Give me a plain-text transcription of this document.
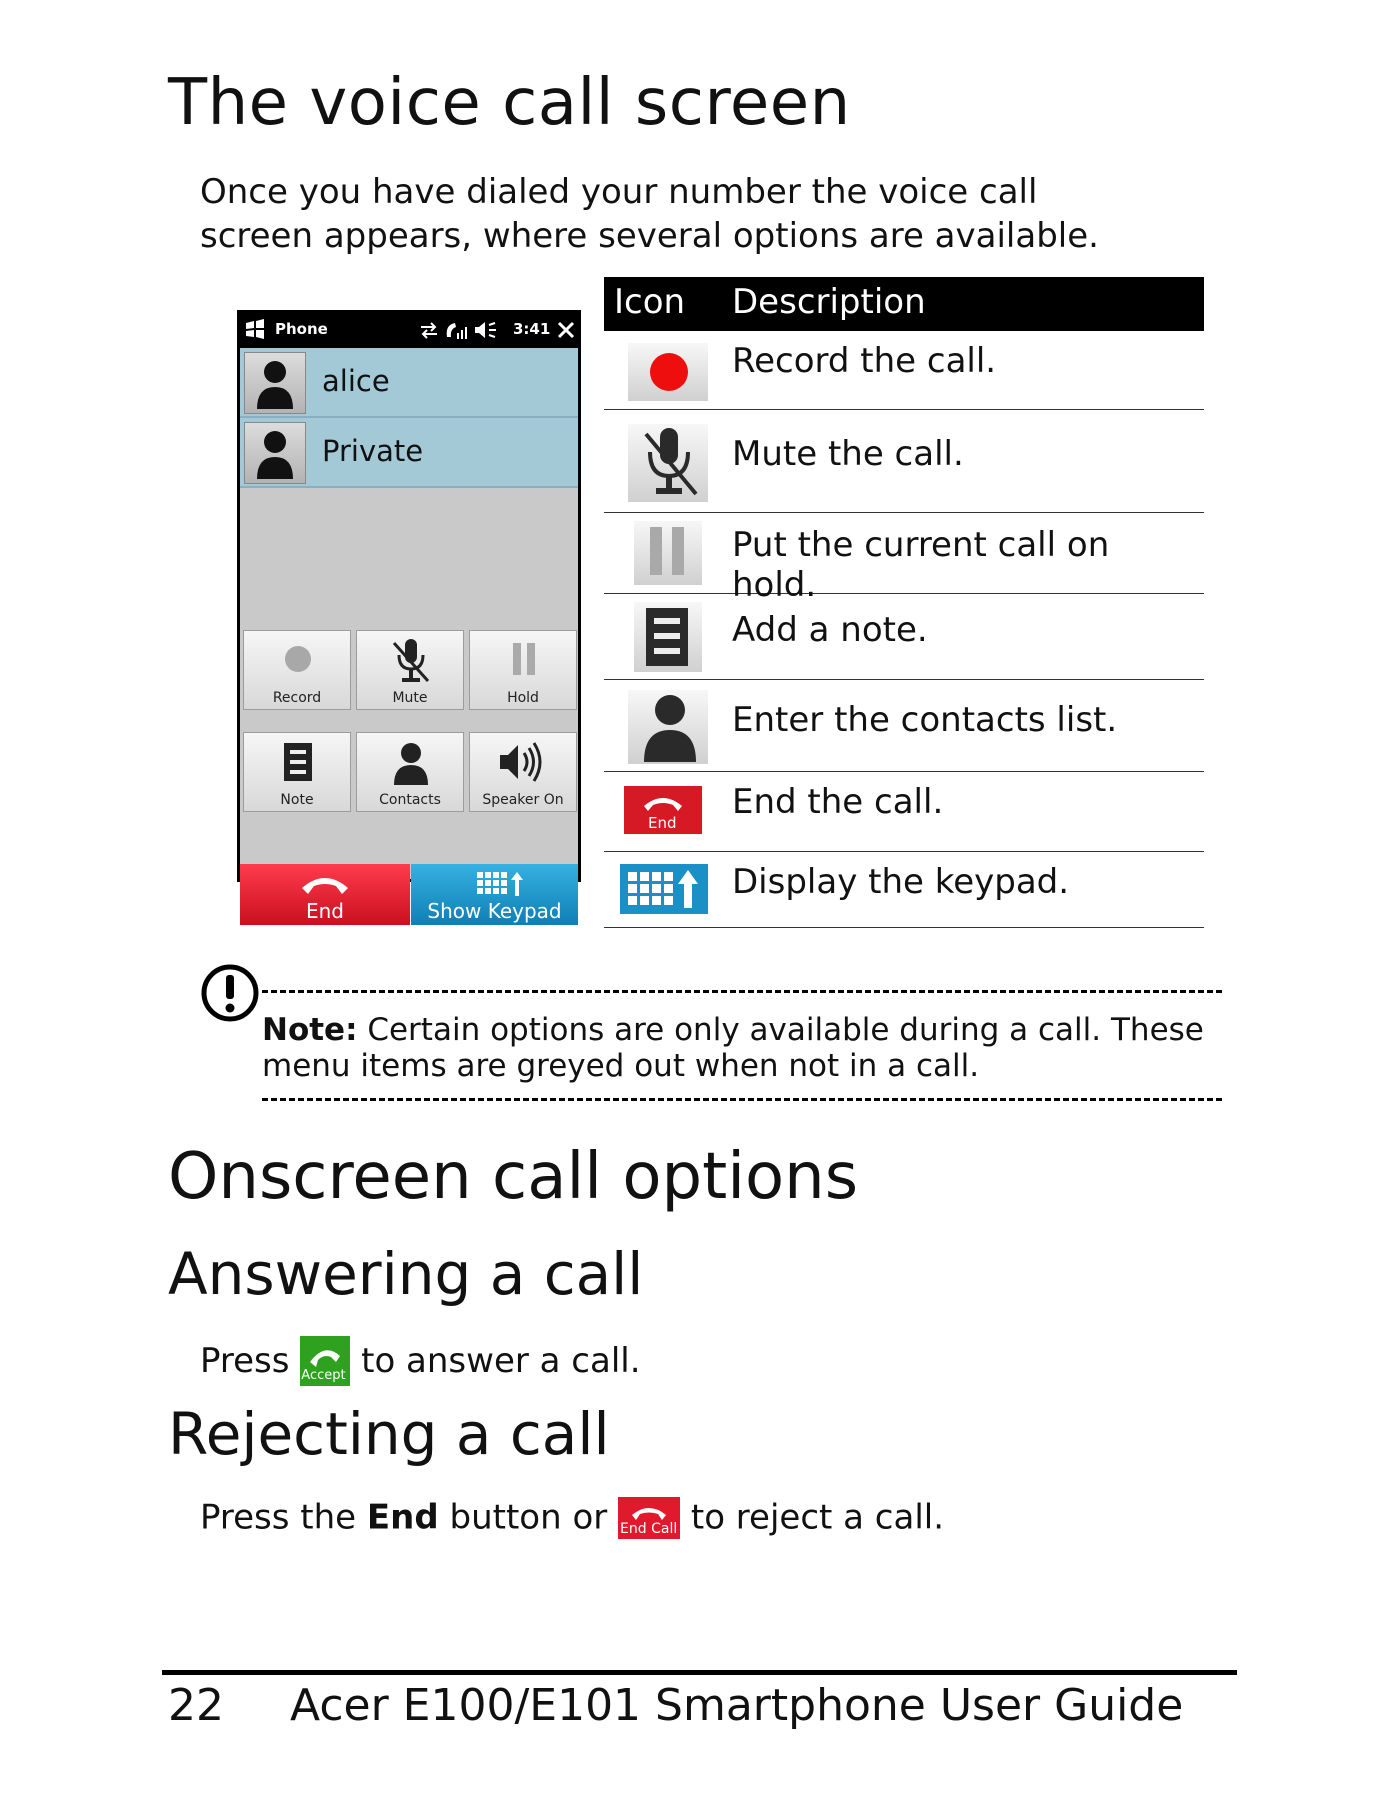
The voice call screen

Once you have dialed your number the voice call screen appears, where several options are available.

Phone	3:41
alice
Private
Record	Mute	Hold
Note	Contacts	Speaker On
End	Show Keypad
Icon Description
Record the call.
Mute the call.
Put the current call on hold.
Add a note.
Enter the contacts list.
End
End the call.
Display the keypad.

Note: Certain options are only available during a call. These menu items are greyed out when not in a call.

Onscreen call options
Answering a call

Press Accept to answer a call.

Rejecting a call

Press the End button or End Call to reject a call.

22 Acer E100/E101 Smartphone User Guide
